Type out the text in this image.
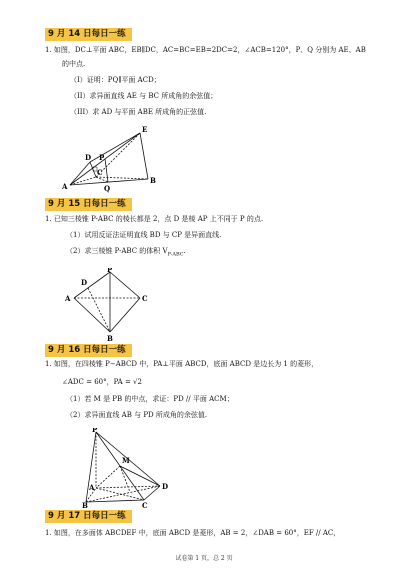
9 月 14 日每日一练
1. 如图，DC⊥平面 ABC，EB∥DC，AC=BC=EB=2DC=2，∠ACB=120°，P、Q 分别为 AE、AB
的中点.
（I）证明：PQ∥平面 ACD；
（II）求异面直线 AE 与 BC 所成角的余弦值；
（III）求 AD 与平面 ABE 所成角的正弦值.
E
D P
C
A	Q
B
9 月 15 日每日一练
1. 已知三棱锥 P-ABC 的棱长都是 2，点 D 是棱 AP 上不同于 P 的点.
（1）试用反证法证明直线 BD 与 CP 是异面直线.
（2）求三棱锥 P-ABC 的体积 $V_{P-ABC}$.
P
D
A	C
B
9 月 16 日每日一练
1. 如图，在四棱锥 P−ABCD 中，PA⊥平面 ABCD，底面 ABCD 是边长为 1 的菱形，
∠ADC = 60°，PA = √2
（1）若 M 是 PB 的中点，求证：PD // 平面 ACM；
（2）求异面直线 AB 与 PD 所成角的余弦值.
P
M
A
B
D
C
9 月 17 日每日一练
1. 如图，在多面体 ABCDEF 中，底面 ABCD 是菱形，AB = 2，∠DAB = 60°，EF // AC，
试卷第 1 页，总 2 页
